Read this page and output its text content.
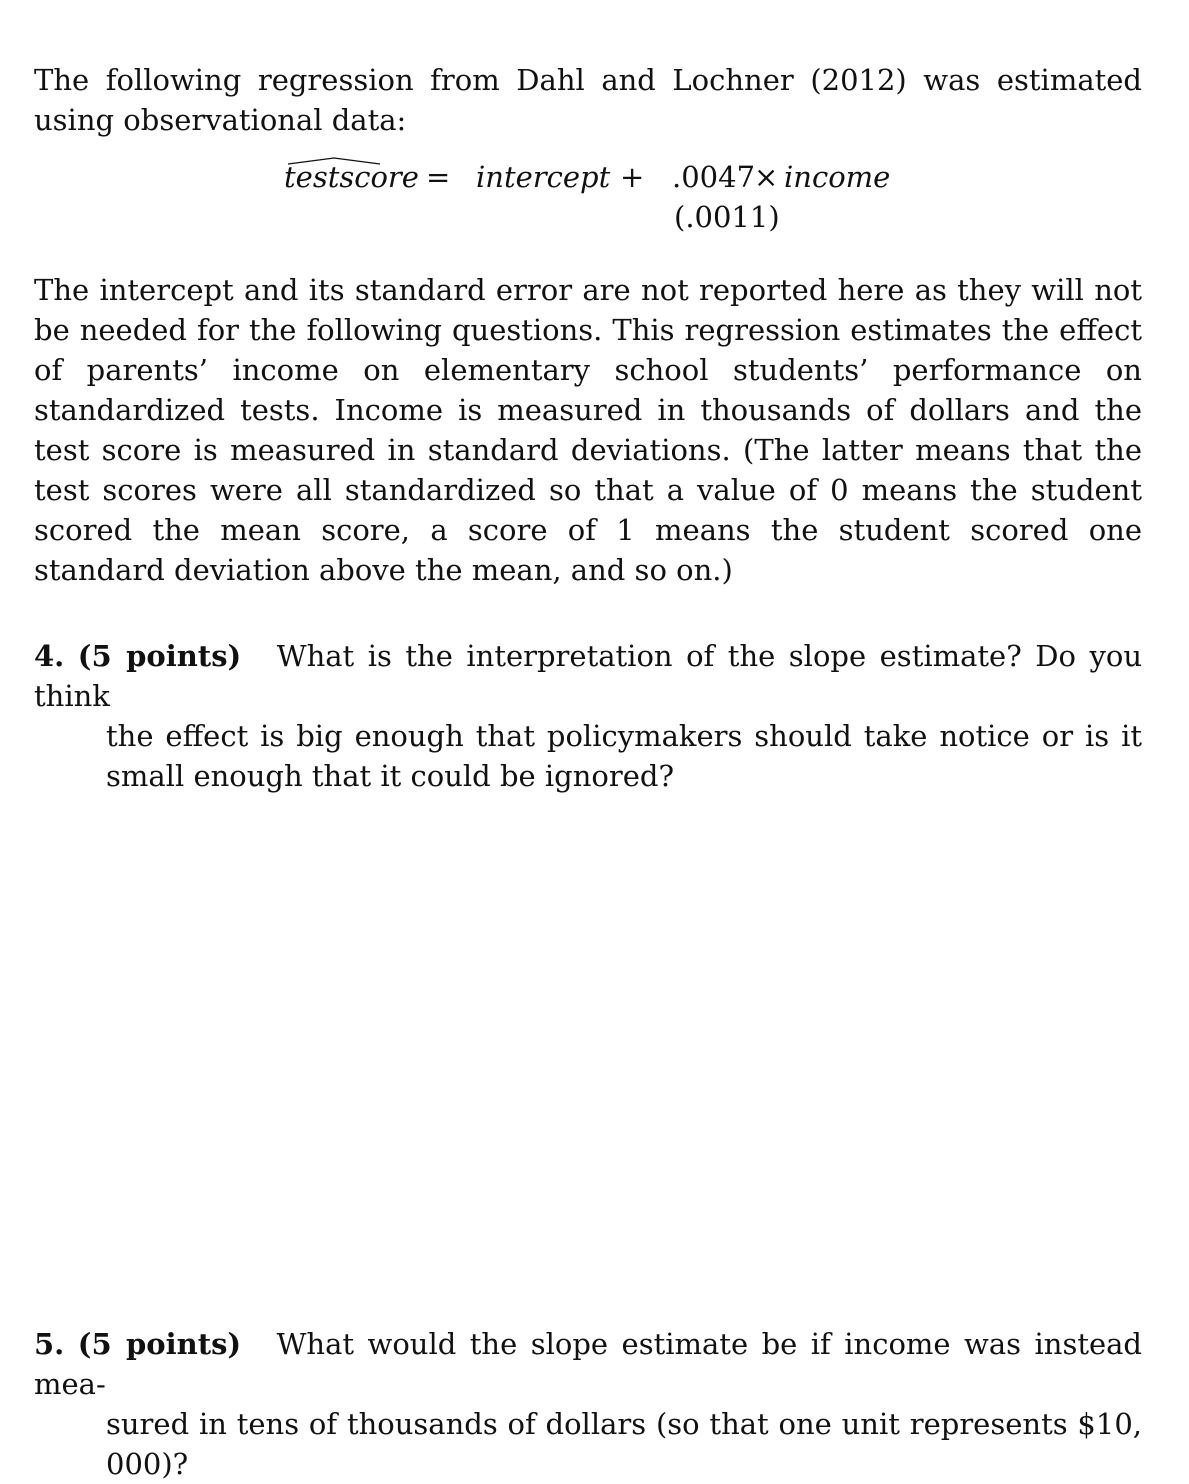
The following regression from Dahl and Lochner (2012) was estimated using observational data:

testscore = intercept + .0047
× income
(.0011)

The intercept and its standard error are not reported here as they will not be needed for the following questions. This regression estimates the effect of parents’ income on elementary school students’ performance on standardized tests. Income is measured in thousands of dollars and the test score is measured in standard deviations. (The latter means that the test scores were all standardized so that a value of 0 means the student scored the mean score, a score of 1 means the student scored one standard deviation above the mean, and so on.)

4. (5 points) What is the interpretation of the slope estimate? Do you think
the effect is big enough that policymakers should take notice or is it small enough that it could be ignored?
5. (5 points) What would the slope estimate be if income was instead mea-
sured in tens of thousands of dollars (so that one unit represents $10, 000)?
